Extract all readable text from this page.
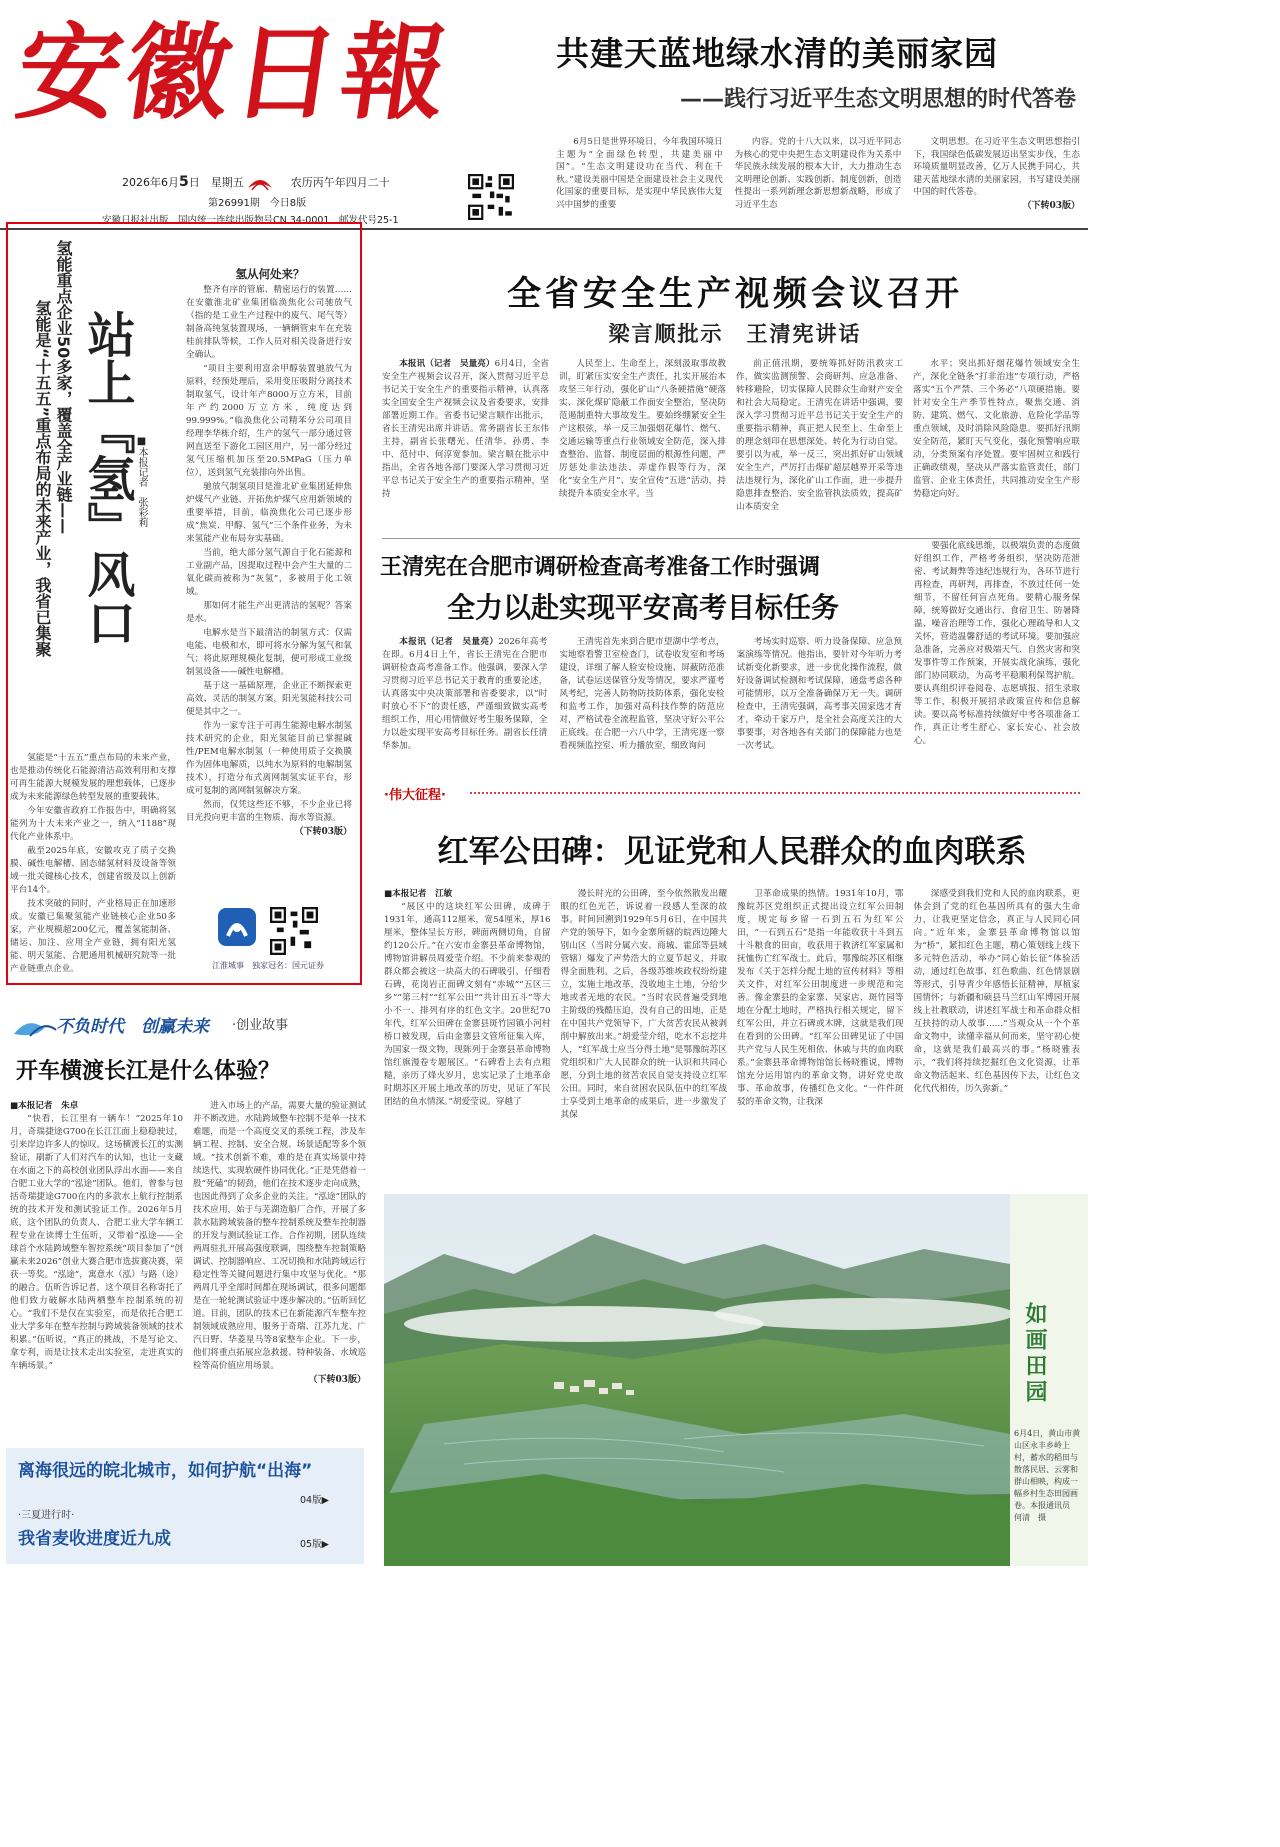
安徽日報	共建天蓝地绿水清的美丽家园
——践行习近平生态文明思想的时代答卷
2026年6月5日　星期五	农历丙午年四月二十
第26991期　今日8版
安徽日报社出版　国内统一连续出版物号CN 34-0001　邮发代号25-1

6月5日是世界环境日，今年我国环境日主题为“全面绿色转型，共建美丽中国”。“生态文明建设功在当代、利在千秋。”建设美丽中国是全面建设社会主义现代化国家的重要目标，是实现中华民族伟大复兴中国梦的重要

内容。党的十八大以来，以习近平同志为核心的党中央把生态文明建设作为关系中华民族永续发展的根本大计，大力推动生态文明理论创新、实践创新、制度创新，创造性提出一系列新理念新思想新战略，形成了习近平生态

文明思想。在习近平生态文明思想指引下，我国绿色低碳发展迈出坚实步伐，生态环境质量明显改善，亿万人民携手同心，共建天蓝地绿水清的美丽家园，书写建设美丽中国的时代答卷。

（下转03版）
氢能重点企业50多家，覆盖全产业链——
氢能是“十五五”重点布局的未来产业，我省已集聚 站上『氢』风口 ■本报记者　张彩莉
氢从何处来？

整齐有序的管廊、精密运行的装置……在安徽淮北矿业集团临涣焦化公司驰放气（指的是工业生产过程中的废气、尾气等）制备高纯氢装置现场，一辆辆管束车在充装桂前排队等候，工作人员对相关设备进行安全确认。

“项目主要利用富余甲醇装置驰放气为原料，经预处理后，采用变压吸附分离技术制取氢气，设计年产8000万立方米，目前年产约2000万立方米，纯度达到99.999%。”临涣焦化公司精苯分公司项目经理李华栋介绍，生产的氢气一部分通过管网直送至下游化工园区用户，另一部分经过氢气压缩机加压至20.5MPaG（压力单位），送到氢气充装排向外出售。

驰放气制氢项目是淮北矿业集团延伸焦炉煤气产业链、开拓焦炉煤气应用新领域的重要举措，目前，临涣焦化公司已逐步形成“焦炭、甲醇、氢气”三个条件业务，为未来氢能产业布局夯实基础。

当前，绝大部分氢气源自于化石能源和工业副产品，因提取过程中会产生大量的二氧化碳而被称为“灰氢”，多被用于化工领域。

那如何才能生产出更清洁的氢呢？答案是水。

电解水是当下最清洁的制氢方式：仅需电能、电极和水，即可将水分解为氢气和氧气；将此原理规模化复制，便可形成工业级制氢设备——碱性电解槽。

基于这一基础原理，企业正不断探索更高效、灵活的制氢方案，阳光氢能科技公司便是其中之一。

作为一家专注于可再生能源电解水制氢技术研究的企业，阳光氢能目前已掌握碱性/PEM电解水制氢（一种使用质子交换膜作为固体电解质，以纯水为原料的电解制氢技术），打造分布式离网制氢实证平台，形成可复制的离网制氢解决方案。

然而，仅凭这些还不够，不少企业已将目光投向更丰富的生物质、海水等资源。

（下转03版）

氢能是“十五五”重点布局的未来产业，也是推动传统化石能源清洁高效利用和支撑可再生能源大规模发展的理想载体，已逐步成为未来能源绿色转型发展的重要载体。

今年安徽省政府工作报告中，明确将氢能列为十大未来产业之一，纳入“1188”现代化产业体系中。

截至2025年底，安徽攻克了质子交换膜、碱性电解槽、固态储氢材料及设备等领域一批关键核心技术，创建省级及以上创新平台14个。

技术突破的同时，产业格局正在加速形成。安徽已集聚氢能产业链核心企业50多家，产业规模超200亿元，覆盖氢能制备、储运、加注、应用全产业链，拥有阳光氢能、明天氢能、合肥通用机械研究院等一批产业链重点企业。	江淮城事　独家冠名：国元证券
全省安全生产视频会议召开
梁言顺批示　王清宪讲话

本报讯（记者　吴量亮）6月4日，全省安全生产视频会议召开，深入贯彻习近平总书记关于安全生产的重要指示精神，认真落实全国安全生产视频会议及省委要求，安排部署近期工作。省委书记梁言顺作出批示，省长王清宪出席并讲话。常务副省长王东伟主持，副省长张曙光、任清华、孙勇、李中、范付中、何淳宽参加。梁言顺在批示中指出，全省各地各部门要深入学习贯彻习近平总书记关于安全生产的重要指示精神，坚持

人民至上、生命至上，深刻汲取事故教训，盯紧压实安全生产责任，扎实开展治本攻坚三年行动，强化矿山“八条硬措施”硬落实、深化煤矿隐蔽工作面安全整治，坚决防范遏制重特大事故发生。要始终绷紧安全生产这根弦，举一反三加强烟花爆竹、燃气、交通运输等重点行业领域安全防范，深入排查整治、监督、制度层面的根源性问题，严厉惩处非法违法、弄虚作假等行为，深化“安全生产月”、安全宣传“五进”活动，持续提升本质安全水平。当

前正值汛期，要统筹抓好防汛救灾工作，做实监测预警、会商研判、应急准备、转移避险，切实保障人民群众生命财产安全和社会大局稳定。王清宪在讲话中强调，要深入学习贯彻习近平总书记关于安全生产的重要指示精神，真正把人民至上、生命至上的理念刻印在思想深处、转化为行动自觉。要引以为戒，举一反三，突出抓好矿山领域安全生产，严厉打击煤矿超层越界开采等违法违规行为，深化矿山工作面，进一步提升隐患排查整治、安全监管执法质效，提高矿山本质安全

水平；突出抓好烟花爆竹领域安全生产，深化全链条“打非治违”专项行动，严格落实“五个严禁、三个务必”八项硬措施。要针对安全生产季节性特点，聚焦交通、消防、建筑、燃气、文化旅游、危险化学品等重点领域，及时消除风险隐患。要抓好汛期安全防范，紧盯天气变化，强化预警响应联动，分类预案有序处置。要牢固树立和践行正确政绩观，坚决从严落实监管责任，部门监管、企业主体责任，共同推动安全生产形势稳定向好。

王清宪在合肥市调研检查高考准备工作时强调
全力以赴实现平安高考目标任务

本报讯（记者　吴量亮）2026年高考在即。6月4日上午，省长王清宪在合肥市调研检查高考准备工作。他强调，要深入学习贯彻习近平总书记关于教育的重要论述，认真落实中央决策部署和省委要求，以“时时放心不下”的责任感，严谨细致做实高考组织工作，用心用情做好考生服务保障，全力以赴实现平安高考目标任务。副省长任清华参加。

王清宪首先来到合肥市望湖中学考点，实地察看警卫室检查门，试卷收发室和考场建设，详细了解人脸安检设施、屏蔽防范准备，试卷运送保管分发等情况，要求严谨考风考纪，完善人防物防技防体系，强化安检和监考工作，加强对高科技作弊的防范应对，严格试卷全流程监管，坚决守好公平公正底线。在合肥一六八中学，王清宪逐一察看视频监控室、听力播放室，细致询问

考场实时巡察、听力设备保障、应急预案演练等情况。他指出，要针对今年听力考试新变化新要求，进一步优化操作流程，做好设备调试检测和考试保障，通盘考虑各种可能情形，以万全准备确保万无一失。调研检查中，王清宪强调，高考事关国家选才育才，牵动千家万户，是全社会高度关注的大事要事，对各地各有关部门的保障能力也是一次考试。

要强化底线思维，以极端负责的态度做好组织工作，严格考务组织，坚决防范泄密、考试舞弊等违纪违规行为，各环节进行再检查，再研判，再排查，不放过任何一处细节，不留任何盲点死角。要精心服务保障，统筹做好交通出行、食宿卫生、防暑降温、噪音治理等工作，强化心理疏导和人文关怀，营造温馨舒适的考试环境。要加强应急准备，完善应对极端天气、自然灾害和突发事件等工作预案，开展实战化演练，强化部门协同联动，为高考平稳顺利保驾护航。要认真组织评卷阅卷、志愿填报、招生录取等工作，积极开展招录政策宣传和信息解读。要以高考标准持续做好中考各项准备工作，真正让考生舒心、家长安心、社会放心。

·伟大征程·
红军公田碑：见证党和人民群众的血肉联系
■本报记者　江敏

“展区中的这块红军公田碑，成碑于1931年，通高112厘米，宽54厘米，厚16厘米，整体呈长方形，碑面两侧切角，自留约120公斤。”在六安市金寨县革命博物馆，博物馆讲解员周爱莹介绍。不少前来参观的群众都会被这一块高大的石碑吸引，仔细看石碑，花岗岩正面碑文刻有“赤城”“五区三乡”“第三村”“红军公田”“共计田五斗”等大小不一、排列有序的红色文字。20世纪70年代，红军公田碑在金寨县斑竹园镇小河村桥口被发现，后由金寨县文管所征集入库，为国家一级文物，现陈列于金寨县革命博物馆红旗漫卷专题展区。“石碑看上去有点粗糙，亲历了烽火岁月，忠实记录了土地革命时期苏区开展土地改革的历史，见证了军民团结的鱼水情深。”胡爱莹说。穿越了

漫长时光的公田碑，至今依然散发出耀眼的红色光芒，诉说着一段感人至深的故事。时间回溯到1929年5月6日，在中国共产党的领导下，如今金寨所辖的皖西边陲大别山区（当时分属六安、商城、霍邱等县域管辖）爆发了声势浩大的立夏节起义，并取得全面胜利。之后，各级苏维埃政权纷纷建立，实施土地改革，没收地主土地，分给少地或者无地的农民。“当时农民普遍受到地主阶级的残酷压迫，没有自己的田地，正是在中国共产党领导下，广大贫苦农民从被剥削中解放出来。”胡爱莹介绍，吃水不忘挖井人，“红军战士应当分得土地”是鄂豫皖苏区党组织和广大人民群众的统一认识和共同心愿，分到土地的贫苦农民自觉支持设立红军公田。同时，来自贫困农民队伍中的红军战士享受到土地革命的成果后，进一步激发了其保

卫革命成果的热情。1931年10月，鄂豫皖苏区党组织正式提出设立红军公田制度，规定每乡留一石到五石为红军公田，“一石到五石”是指一年能收获十斗到五十斗粮食的田亩，收获用于救济红军家属和抚恤伤亡红军战士。此后，鄂豫皖苏区相继发布《关于怎样分配土地的宣传材料》等相关文件，对红军公田制度进一步规范和完善。像金寨县的金家寨、吴家店、斑竹园等地在分配土地时，严格执行相关规定，留下红军公田，并立石碑或木牌，这就是我们现在看到的公田碑。“红军公田碑见证了中国共产党与人民生死相依、休戚与共的血肉联系。”金寨县革命博物馆馆长杨晓雅说，博物馆充分运用馆内的革命文物，讲好党史故事、革命故事，传播红色文化。“一件件斑驳的革命文物，让我深

深感受到我们党和人民的血肉联系，更体会到了党的红色基因所具有的强大生命力，让我更坚定信念，真正与人民同心同向。”近年来，金寨县革命博物馆以馆为“桥”，紧扣红色主题，精心策划线上线下多元特色活动，举办“同心始长征”体验活动，通过红色故事、红色歌曲、红色情景剧等形式，引导青少年感悟长征精神，厚植家国情怀；与新疆和硕县马兰红山军博园开展线上社教联动，讲述红军战士和革命群众相互扶持的动人故事……“当观众从一个个革命文物中，读懂幸福从何而来，坚守初心使命，这就是我们最高兴的事。”杨晓雅表示，“我们将持续挖掘红色文化资源，让革命文物活起来、红色基因传下去，让红色文化代代相传，历久弥新。”

如画田园
6月4日，黄山市黄山区永丰乡岭上村，蓄水的稻田与散落民居、云雾和群山相映，构成一幅乡村生态田园画卷。本报通讯员　何清　摄
不负时代　创赢未来	·创业故事
开车横渡长江是什么体验？
■本报记者　朱卓

“快看，长江里有一辆车！”2025年10月，奇瑞捷途G700在长江江面上稳稳驶过，引来岸边许多人的惊叹。这场横渡长江的实测验证，刷新了人们对汽车的认知，也让一支藏在水面之下的高校创业团队浮出水面——来自合肥工业大学的“泓途”团队。他们，曾参与包括奇瑞捷途G700在内的多款水上航行控制系统的技术开发和测试验证工作。2026年5月底，这个团队的负责人、合肥工业大学车辆工程专业在读博士生伍昕，又带着“泓途——全球首个水陆跨域整车智控系统”项目参加了“创赢未来2026”创业大赛合肥市选拔赛决赛，荣获一等奖。“泓途”，寓意水（泓）与路（途）的融合。伍昕告诉记者，这个项目名称寄托了他们致力破解水陆两栖整车控制系统的初心。“我们不是仅在实验室，而是依托合肥工业大学多年在整车控制与跨域装备领域的技术积累。”伍昕说，“真正的挑战，不是写论文、拿专利，而是让技术走出实验室，走进真实的车辆场景。”

进入市场上的产品，需要大量的验证测试并不断改进。水陆跨域整车控制不是单一技术难题，而是一个高度交叉的系统工程，涉及车辆工程、控制、安全合规、场景适配等多个领域。“技术创新不难，难的是在真实场景中持续迭代、实现软硬件协同优化。”正是凭借着一股“死磕”的韧劲，他们在技术逐步走向成熟，也因此得到了众多企业的关注。“泓途”团队的技术应用，始于与芜湖造船厂合作，开展了多款水陆跨域装备的整车控制系统及整车控制器的开发与测试验证工作。合作初期，团队连续两周驻扎开展高强度联调，围绕整车控制策略调试、控制器响应、工况切换和水陆跨域运行稳定性等关键问题进行集中攻坚与优化。“那两周几乎全部时间都在现场调试，很多问题都是在一轮轮测试验证中逐步解决的。”伍昕回忆道。目前，团队的技术已在新能源汽车整车控制领域成熟应用，服务于奇瑞、江苏九龙、广汽日野、华菱星马等8家整车企业。下一步，他们将重点拓展应急救援、特种装备、水域巡检等高价值应用场景。

（下转03版）
离海很远的皖北城市，如何护航“出海”
04版▶
·三夏进行时·
我省麦收进度近九成	05版▶
